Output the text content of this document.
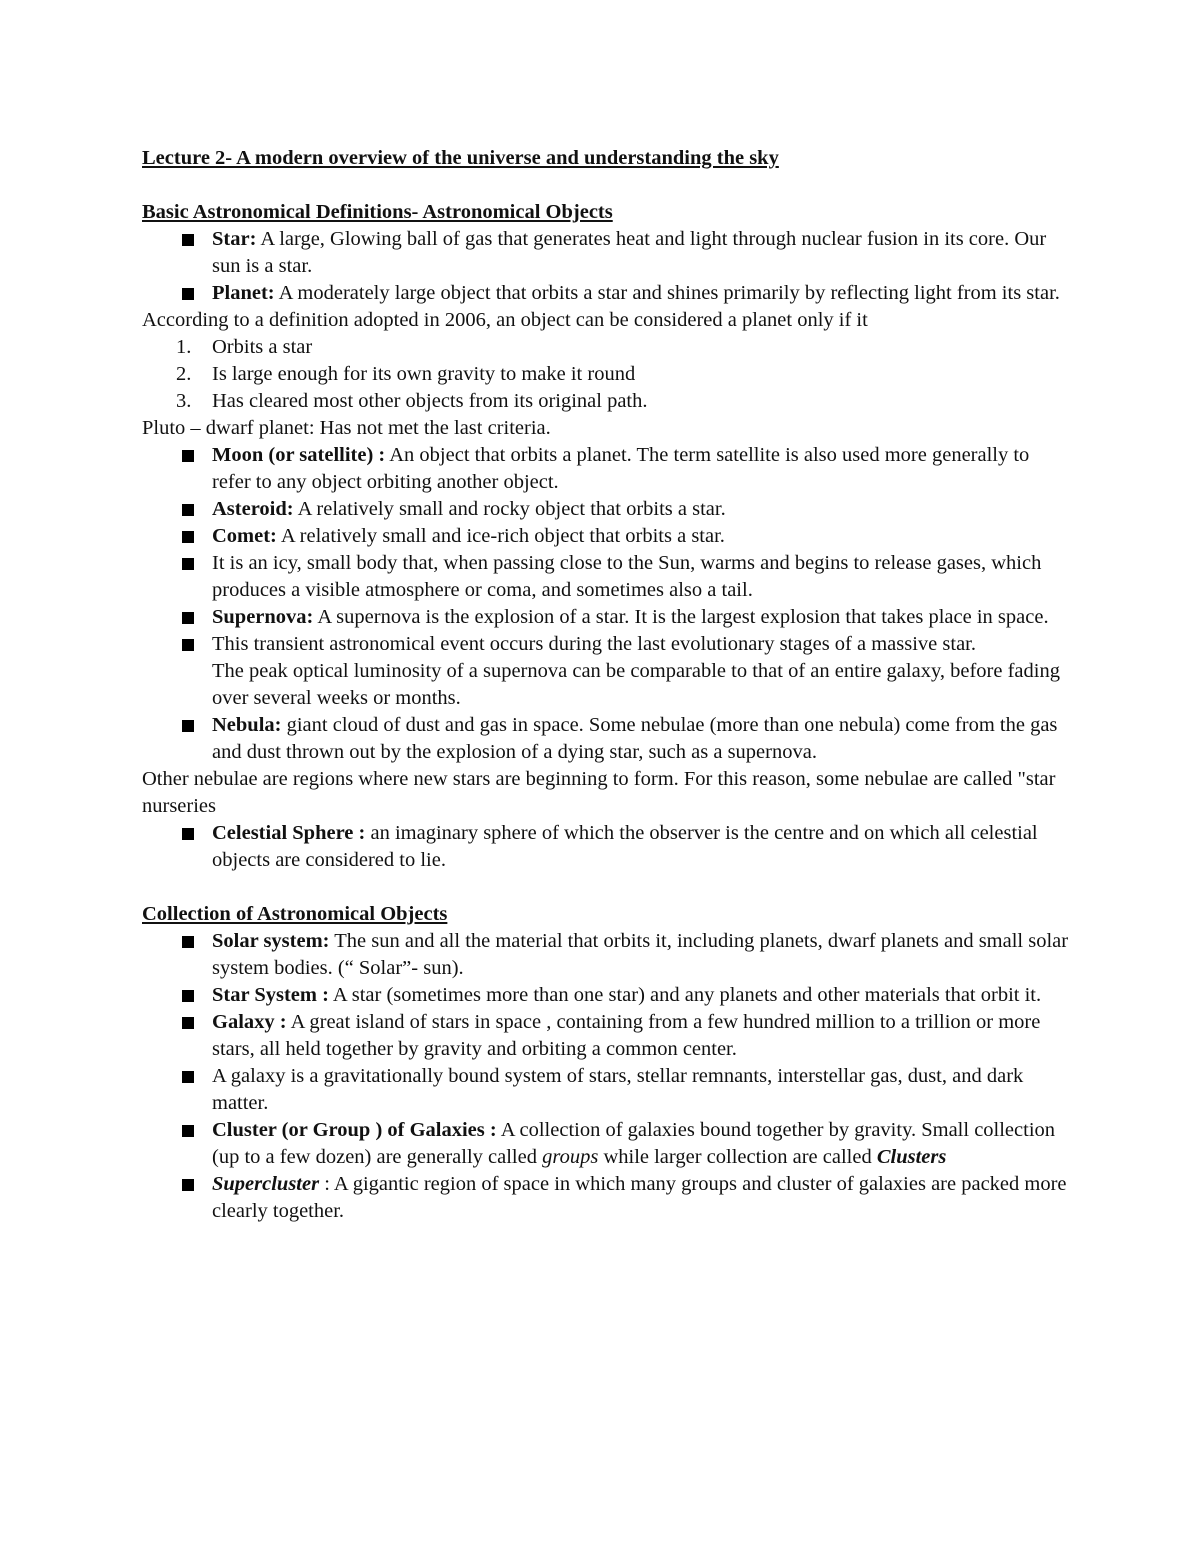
Lecture 2- A modern overview of the universe and understanding the sky

Basic Astronomical Definitions- Astronomical Objects

Star: A large, Glowing ball of gas that generates heat and light through nuclear fusion in its core. Our sun is a star.
Planet: A moderately large object that orbits a star and shines primarily by reflecting light from its star.

According to a definition adopted in 2006, an object can be considered a planet only if it

1. Orbits a star
2. Is large enough for its own gravity to make it round
3. Has cleared most other objects from its original path.

Pluto – dwarf planet: Has not met the last criteria.

Moon (or satellite) : An object that orbits a planet. The term satellite is also used more generally to refer to any object orbiting another object.
Asteroid: A relatively small and rocky object that orbits a star.
Comet: A relatively small and ice-rich object that orbits a star.
It is an icy, small body that, when passing close to the Sun, warms and begins to release gases, which produces a visible atmosphere or coma, and sometimes also a tail.
Supernova: A supernova is the explosion of a star. It is the largest explosion that takes place in space.
This transient astronomical event occurs during the last evolutionary stages of a massive star.
The peak optical luminosity of a supernova can be comparable to that of an entire galaxy, before fading over several weeks or months.
Nebula: giant cloud of dust and gas in space. Some nebulae (more than one nebula) come from the gas and dust thrown out by the explosion of a dying star, such as a supernova.

Other nebulae are regions where new stars are beginning to form. For this reason, some nebulae are called "star nurseries

Celestial Sphere : an imaginary sphere of which the observer is the centre and on which all celestial objects are considered to lie.

Collection of Astronomical Objects

Solar system: The sun and all the material that orbits it, including planets, dwarf planets and small solar system bodies. (“ Solar”- sun).
Star System : A star (sometimes more than one star) and any planets and other materials that orbit it.
Galaxy : A great island of stars in space , containing from a few hundred million to a trillion or more stars, all held together by gravity and orbiting a common center.
A galaxy is a gravitationally bound system of stars, stellar remnants, interstellar gas, dust, and dark matter.
Cluster (or Group ) of Galaxies : A collection of galaxies bound together by gravity. Small collection (up to a few dozen) are generally called groups while larger collection are called Clusters
Supercluster : A gigantic region of space in which many groups and cluster of galaxies are packed more clearly together.
